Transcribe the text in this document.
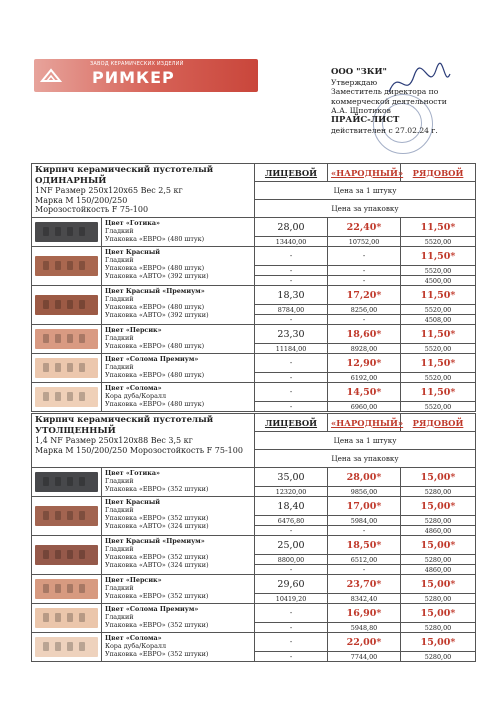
ЗАВОД КЕРАМИЧЕСКИХ ИЗДЕЛИЙ
РИМКЕР	ООО "ЗКИ"
Утверждаю
Заместитель директора по
коммерческой деятельности
А.А. Шпотиков
ПРАЙС-ЛИСТ
действителен с 27.02.24 г.
Кирпич керамический пустотелый ОДИНАРНЫЙ
1NF Размер 250х120х65 Вес 2,5 кг
Марка М 150/200/250
Морозостойкость F 75-100		ЛИЦЕВОЙ	«НАРОДНЫЙ»	РЯДОВОЙ
		Цена за 1 штуку		
		Цена за упаковку		

	Цвет «Готика»
Гладкий
Упаковка «ЕВРО» (480 штук)	28,00	22,40*	11,50*
		13440,00	10752,00	5520,00

	Цвет Красный
Гладкий
Упаковка «ЕВРО» (480 штук)
Упаковка «АВТО» (392 штуки)	-	-	11,50*
		-	-	5520,00
		-	-	4500,00

	Цвет Красный «Премиум»
Гладкий
Упаковка «ЕВРО» (480 штук)
Упаковка «АВТО» (392 штуки)	18,30	17,20*	11,50*
		8784,00	8256,00	5520,00
		-	-	4508,00

	Цвет «Персик»
Гладкий
Упаковка «ЕВРО» (480 штук)	23,30	18,60*	11,50*
		11184,00	8928,00	5520,00

	Цвет «Солома Премиум»
Гладкий
Упаковка «ЕВРО» (480 штук)	-	12,90*	11,50*
		-	6192,00	5520,00

	Цвет «Солома»
Кора дуба/Коралл
Упаковка «ЕВРО» (480 штук)	-	14,50*	11,50*
		-	6960,00	5520,00
Кирпич керамический пустотелый УТОЛЩЕННЫЙ
1,4 NF Размер 250х120х88 Вес 3,5 кг
Марка М 150/200/250 Морозостойкость F 75-100		ЛИЦЕВОЙ	«НАРОДНЫЙ»	РЯДОВОЙ
		Цена за 1 штуку		
		Цена за упаковку		

	Цвет «Готика»
Гладкий
Упаковка «ЕВРО» (352 штуки)	35,00	28,00*	15,00*
		12320,00	9856,00	5280,00

	Цвет Красный
Гладкий
Упаковка «ЕВРО» (352 штуки)
Упаковка «АВТО» (324 штуки)	18,40	17,00*	15,00*
		6476,80	5984,00	5280,00
		-	-	4860,00

	Цвет Красный «Премиум»
Гладкий
Упаковка «ЕВРО» (352 штуки)
Упаковка «АВТО» (324 штуки)	25,00	18,50*	15,00*
		8800,00	6512,00	5280,00
		-	-	4860,00

	Цвет «Персик»
Гладкий
Упаковка «ЕВРО» (352 штуки)	29,60	23,70*	15,00*
		10419,20	8342,40	5280,00

	Цвет «Солома Премиум»
Гладкий
Упаковка «ЕВРО» (352 штуки)	-	16,90*	15,00*
		-	5948,80	5280,00

	Цвет «Солома»
Кора дуба/Коралл
Упаковка «ЕВРО» (352 штуки)	-	22,00*	15,00*
		-	7744,00	5280,00
